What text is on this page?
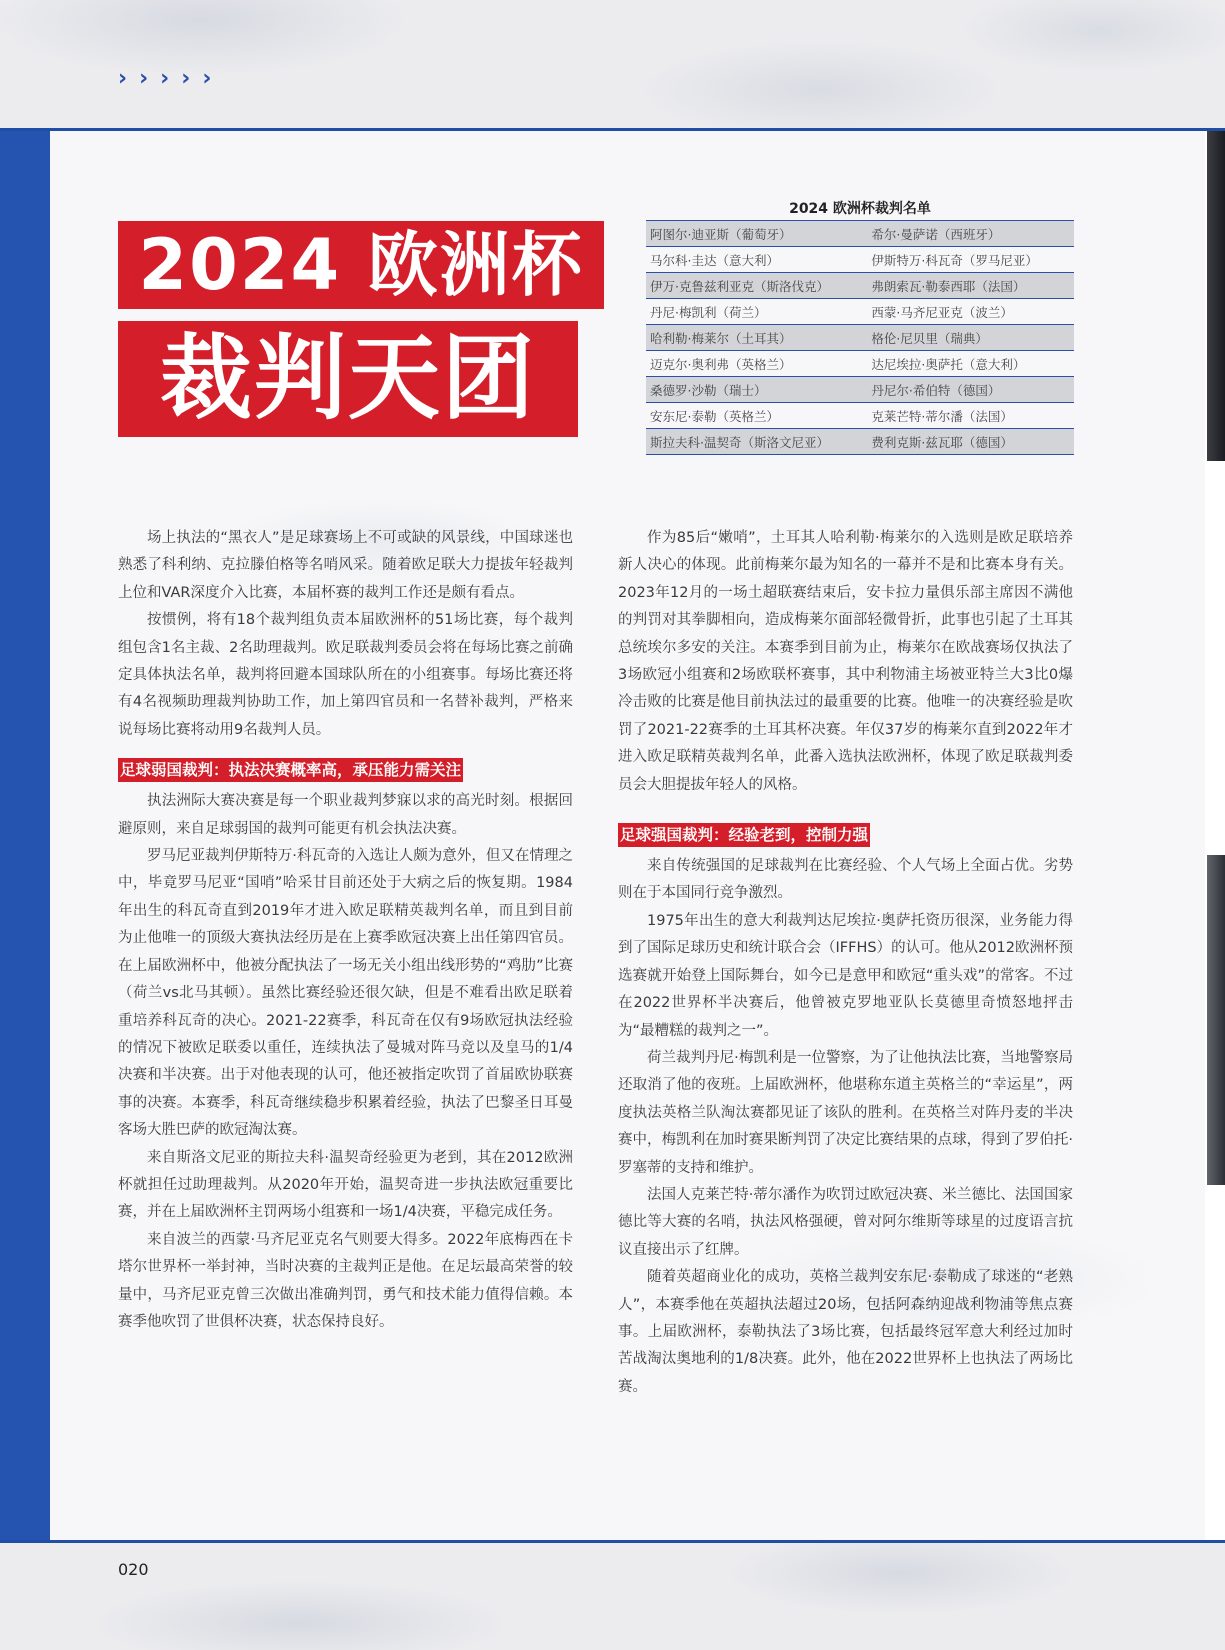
› › › › ›
2024 欧洲杯
裁判天团
2024 欧洲杯裁判名单
阿图尔·迪亚斯（葡萄牙）	希尔·曼萨诺（西班牙）
马尔科·圭达（意大利）	伊斯特万·科瓦奇（罗马尼亚）
伊万·克鲁兹利亚克（斯洛伐克）	弗朗索瓦·勒泰西耶（法国）
丹尼·梅凯利（荷兰）	西蒙·马齐尼亚克（波兰）
哈利勒·梅莱尔（土耳其）	格伦·尼贝里（瑞典）
迈克尔·奥利弗（英格兰）	达尼埃拉·奥萨托（意大利）
桑德罗·沙勒（瑞士）	丹尼尔·希伯特（德国）
安东尼·泰勒（英格兰）	克莱芒特·蒂尔潘（法国）
斯拉夫科·温契奇（斯洛文尼亚）	费利克斯·兹瓦耶（德国）

场上执法的“黑衣人”是足球赛场上不可或缺的风景线，中国球迷也熟悉了科利纳、克拉滕伯格等名哨风采。随着欧足联大力提拔年轻裁判上位和VAR深度介入比赛，本届杯赛的裁判工作还是颇有看点。

按惯例，将有18个裁判组负责本届欧洲杯的51场比赛，每个裁判组包含1名主裁、2名助理裁判。欧足联裁判委员会将在每场比赛之前确定具体执法名单，裁判将回避本国球队所在的小组赛事。每场比赛还将有4名视频助理裁判协助工作，加上第四官员和一名替补裁判，严格来说每场比赛将动用9名裁判人员。

足球弱国裁判：执法决赛概率高，承压能力需关注

执法洲际大赛决赛是每一个职业裁判梦寐以求的高光时刻。根据回避原则，来自足球弱国的裁判可能更有机会执法决赛。

罗马尼亚裁判伊斯特万·科瓦奇的入选让人颇为意外，但又在情理之中，毕竟罗马尼亚“国哨”哈采甘目前还处于大病之后的恢复期。1984年出生的科瓦奇直到2019年才进入欧足联精英裁判名单，而且到目前为止他唯一的顶级大赛执法经历是在上赛季欧冠决赛上出任第四官员。在上届欧洲杯中，他被分配执法了一场无关小组出线形势的“鸡肋”比赛（荷兰vs北马其顿）。虽然比赛经验还很欠缺，但是不难看出欧足联着重培养科瓦奇的决心。2021-22赛季，科瓦奇在仅有9场欧冠执法经验的情况下被欧足联委以重任，连续执法了曼城对阵马竞以及皇马的1/4决赛和半决赛。出于对他表现的认可，他还被指定吹罚了首届欧协联赛事的决赛。本赛季，科瓦奇继续稳步积累着经验，执法了巴黎圣日耳曼客场大胜巴萨的欧冠淘汰赛。

来自斯洛文尼亚的斯拉夫科·温契奇经验更为老到，其在2012欧洲杯就担任过助理裁判。从2020年开始，温契奇进一步执法欧冠重要比赛，并在上届欧洲杯主罚两场小组赛和一场1/4决赛，平稳完成任务。

来自波兰的西蒙·马齐尼亚克名气则要大得多。2022年底梅西在卡塔尔世界杯一举封神，当时决赛的主裁判正是他。在足坛最高荣誉的较量中，马齐尼亚克曾三次做出准确判罚，勇气和技术能力值得信赖。本赛季他吹罚了世俱杯决赛，状态保持良好。

作为85后“嫩哨”，土耳其人哈利勒·梅莱尔的入选则是欧足联培养新人决心的体现。此前梅莱尔最为知名的一幕并不是和比赛本身有关。2023年12月的一场土超联赛结束后，安卡拉力量俱乐部主席因不满他的判罚对其拳脚相向，造成梅莱尔面部轻微骨折，此事也引起了土耳其总统埃尔多安的关注。本赛季到目前为止，梅莱尔在欧战赛场仅执法了3场欧冠小组赛和2场欧联杯赛事，其中利物浦主场被亚特兰大3比0爆冷击败的比赛是他目前执法过的最重要的比赛。他唯一的决赛经验是吹罚了2021-22赛季的土耳其杯决赛。年仅37岁的梅莱尔直到2022年才进入欧足联精英裁判名单，此番入选执法欧洲杯，体现了欧足联裁判委员会大胆提拔年轻人的风格。

足球强国裁判：经验老到，控制力强

来自传统强国的足球裁判在比赛经验、个人气场上全面占优。劣势则在于本国同行竞争激烈。

1975年出生的意大利裁判达尼埃拉·奥萨托资历很深，业务能力得到了国际足球历史和统计联合会（IFFHS）的认可。他从2012欧洲杯预选赛就开始登上国际舞台，如今已是意甲和欧冠“重头戏”的常客。不过在2022世界杯半决赛后，他曾被克罗地亚队长莫德里奇愤怒地抨击为“最糟糕的裁判之一”。

荷兰裁判丹尼·梅凯利是一位警察，为了让他执法比赛，当地警察局还取消了他的夜班。上届欧洲杯，他堪称东道主英格兰的“幸运星”，两度执法英格兰队淘汰赛都见证了该队的胜利。在英格兰对阵丹麦的半决赛中，梅凯利在加时赛果断判罚了决定比赛结果的点球，得到了罗伯托·罗塞蒂的支持和维护。

法国人克莱芒特·蒂尔潘作为吹罚过欧冠决赛、米兰德比、法国国家德比等大赛的名哨，执法风格强硬，曾对阿尔维斯等球星的过度语言抗议直接出示了红牌。

随着英超商业化的成功，英格兰裁判安东尼·泰勒成了球迷的“老熟人”，本赛季他在英超执法超过20场，包括阿森纳迎战利物浦等焦点赛事。上届欧洲杯，泰勒执法了3场比赛，包括最终冠军意大利经过加时苦战淘汰奥地利的1/8决赛。此外，他在2022世界杯上也执法了两场比赛。

020
